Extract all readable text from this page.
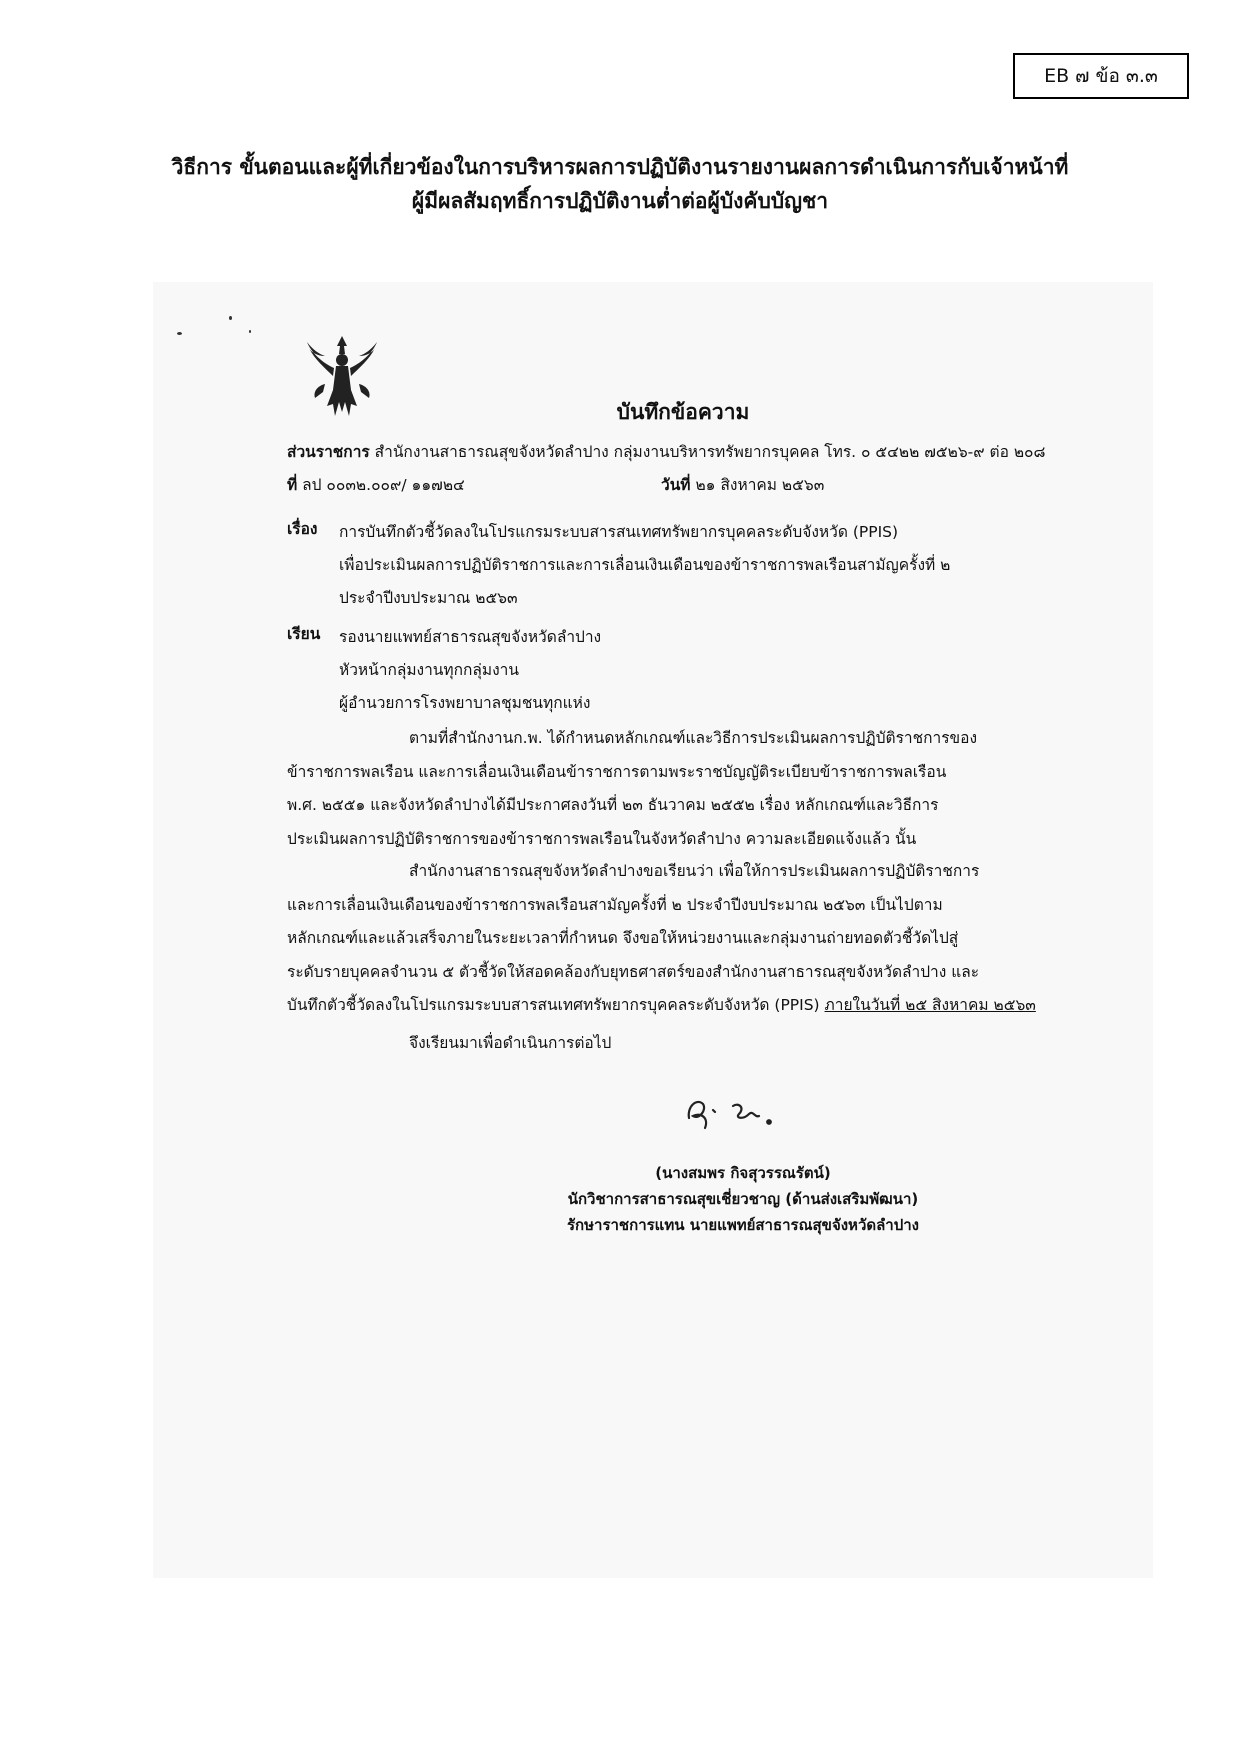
EB ๗ ข้อ ๓.๓
วิธีการ ขั้นตอนและผู้ที่เกี่ยวข้องในการบริหารผลการปฏิบัติงานรายงานผลการดำเนินการกับเจ้าหน้าที่
ผู้มีผลสัมฤทธิ์การปฏิบัติงานต่ำต่อผู้บังคับบัญชา
บันทึกข้อความ
ส่วนราชการ สำนักงานสาธารณสุขจังหวัดลำปาง กลุ่มงานบริหารทรัพยากรบุคคล โทร. ๐ ๕๔๒๒ ๗๕๒๖-๙ ต่อ ๒๐๘
ที่ ลป ๐๐๓๒.๐๐๙/ ๑๑๗๒๔	วันที่ ๒๑ สิงหาคม ๒๕๖๓
เรื่อง การบันทึกตัวชี้วัดลงในโปรแกรมระบบสารสนเทศทรัพยากรบุคคลระดับจังหวัด (PPIS)
เพื่อประเมินผลการปฏิบัติราชการและการเลื่อนเงินเดือนของข้าราชการพลเรือนสามัญครั้งที่ ๒
ประจำปีงบประมาณ ๒๕๖๓
เรียน รองนายแพทย์สาธารณสุขจังหวัดลำปาง
หัวหน้ากลุ่มงานทุกกลุ่มงาน
ผู้อำนวยการโรงพยาบาลชุมชนทุกแห่ง
ตามที่สำนักงานก.พ. ได้กำหนดหลักเกณฑ์และวิธีการประเมินผลการปฏิบัติราชการของ
ข้าราชการพลเรือน และการเลื่อนเงินเดือนข้าราชการตามพระราชบัญญัติระเบียบข้าราชการพลเรือน
พ.ศ. ๒๕๕๑ และจังหวัดลำปางได้มีประกาศลงวันที่ ๒๓ ธันวาคม ๒๕๕๒ เรื่อง หลักเกณฑ์และวิธีการ
ประเมินผลการปฏิบัติราชการของข้าราชการพลเรือนในจังหวัดลำปาง ความละเอียดแจ้งแล้ว นั้น
สำนักงานสาธารณสุขจังหวัดลำปางขอเรียนว่า เพื่อให้การประเมินผลการปฏิบัติราชการ
และการเลื่อนเงินเดือนของข้าราชการพลเรือนสามัญครั้งที่ ๒ ประจำปีงบประมาณ ๒๕๖๓ เป็นไปตาม
หลักเกณฑ์และแล้วเสร็จภายในระยะเวลาที่กำหนด จึงขอให้หน่วยงานและกลุ่มงานถ่ายทอดตัวชี้วัดไปสู่
ระดับรายบุคคลจำนวน ๕ ตัวชี้วัดให้สอดคล้องกับยุทธศาสตร์ของสำนักงานสาธารณสุขจังหวัดลำปาง และ
บันทึกตัวชี้วัดลงในโปรแกรมระบบสารสนเทศทรัพยากรบุคคลระดับจังหวัด (PPIS) ภายในวันที่ ๒๕ สิงหาคม ๒๕๖๓
จึงเรียนมาเพื่อดำเนินการต่อไป
(นางสมพร กิจสุวรรณรัตน์)
นักวิชาการสาธารณสุขเชี่ยวชาญ (ด้านส่งเสริมพัฒนา)
รักษาราชการแทน นายแพทย์สาธารณสุขจังหวัดลำปาง
